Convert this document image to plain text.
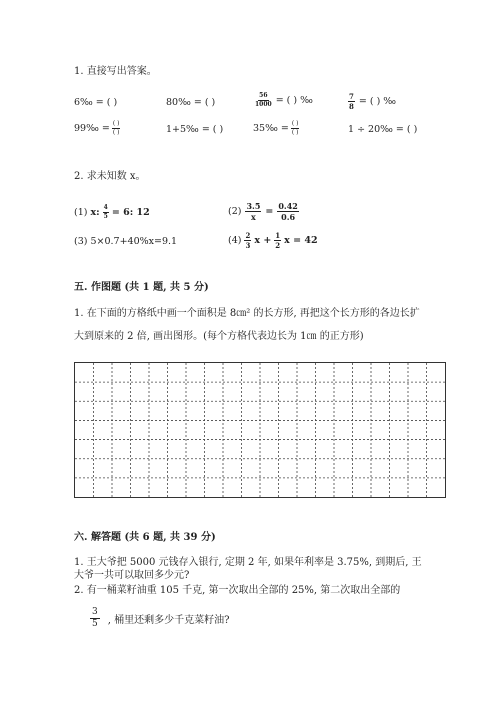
1. 直接写出答案。
6‰ = ( )	80‰ = ( )	$\frac{56}{1000}$ = ( ) ‰	$\frac{7}{8}$ = ( ) ‰
99‰ = $\frac{( )}{( )}$	1+5‰ = ( )	35‰ = $\frac{( )}{( )}$	1 ÷ 20‰ = ( )
2. 求未知数 x。
(1) x: $\frac{4}{5} = 6$: 12	$(2) \frac{3.5}{x} = \frac{0.42}{0.6}$
(3) 5×0.7+40%x=9.1	$(4) \frac{2}{3}$ $x + \frac{1}{2}$ x = 42
五. 作图题 (共 1 题, 共 5 分)
1. 在下面的方格纸中画一个面积是 8㎝² 的长方形, 再把这个长方形的各边长扩
大到原来的 2 倍, 画出图形。(每个方格代表边长为 1㎝ 的正方形)
六. 解答题 (共 6 题, 共 39 分)
1. 王大爷把 5000 元钱存入银行, 定期 2 年, 如果年利率是 3.75%, 到期后, 王
大爷一共可以取回多少元?
2. 有一桶菜籽油重 105 千克, 第一次取出全部的 25%, 第二次取出全部的
$\frac{3}{5}$ , 桶里还剩多少千克菜籽油?
